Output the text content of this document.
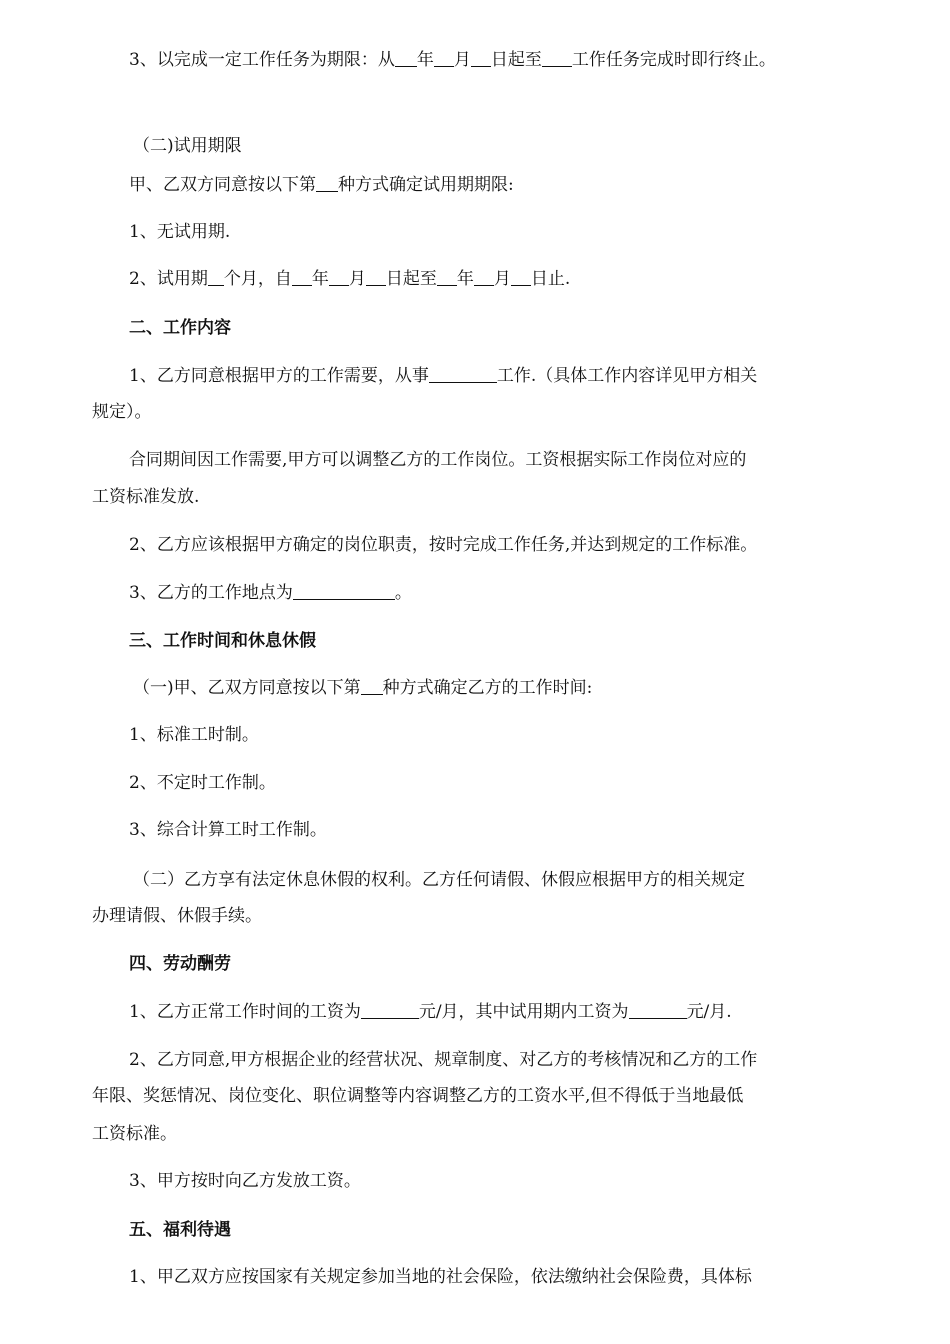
3、以完成一定工作任务为期限：从 年 月 日起至 工作任务完成时即行终止。
（二)试用期限
甲、乙双方同意按以下第 种方式确定试用期期限:
1、无试用期.
2、试用期 个月，自 年 月 日起至 年 月 日止.
二、工作内容
1、乙方同意根据甲方的工作需要，从事	工作.（具体工作内容详见甲方相关
规定）。
合同期间因工作需要,甲方可以调整乙方的工作岗位。工资根据实际工作岗位对应的
工资标准发放.
2、乙方应该根据甲方确定的岗位职责，按时完成工作任务,并达到规定的工作标准。
3、乙方的工作地点为	。
三、工作时间和休息休假
（一)甲、乙双方同意按以下第 种方式确定乙方的工作时间:
1、标准工时制。
2、不定时工作制。
3、综合计算工时工作制。
（二）乙方享有法定休息休假的权利。乙方任何请假、休假应根据甲方的相关规定
办理请假、休假手续。
四、劳动酬劳
1、乙方正常工作时间的工资为	元/月，其中试用期内工资为	元/月.
2、乙方同意,甲方根据企业的经营状况、规章制度、对乙方的考核情况和乙方的工作
年限、奖惩情况、岗位变化、职位调整等内容调整乙方的工资水平,但不得低于当地最低
工资标准。
3、甲方按时向乙方发放工资。
五、福利待遇
1、甲乙双方应按国家有关规定参加当地的社会保险，依法缴纳社会保险费，具体标
